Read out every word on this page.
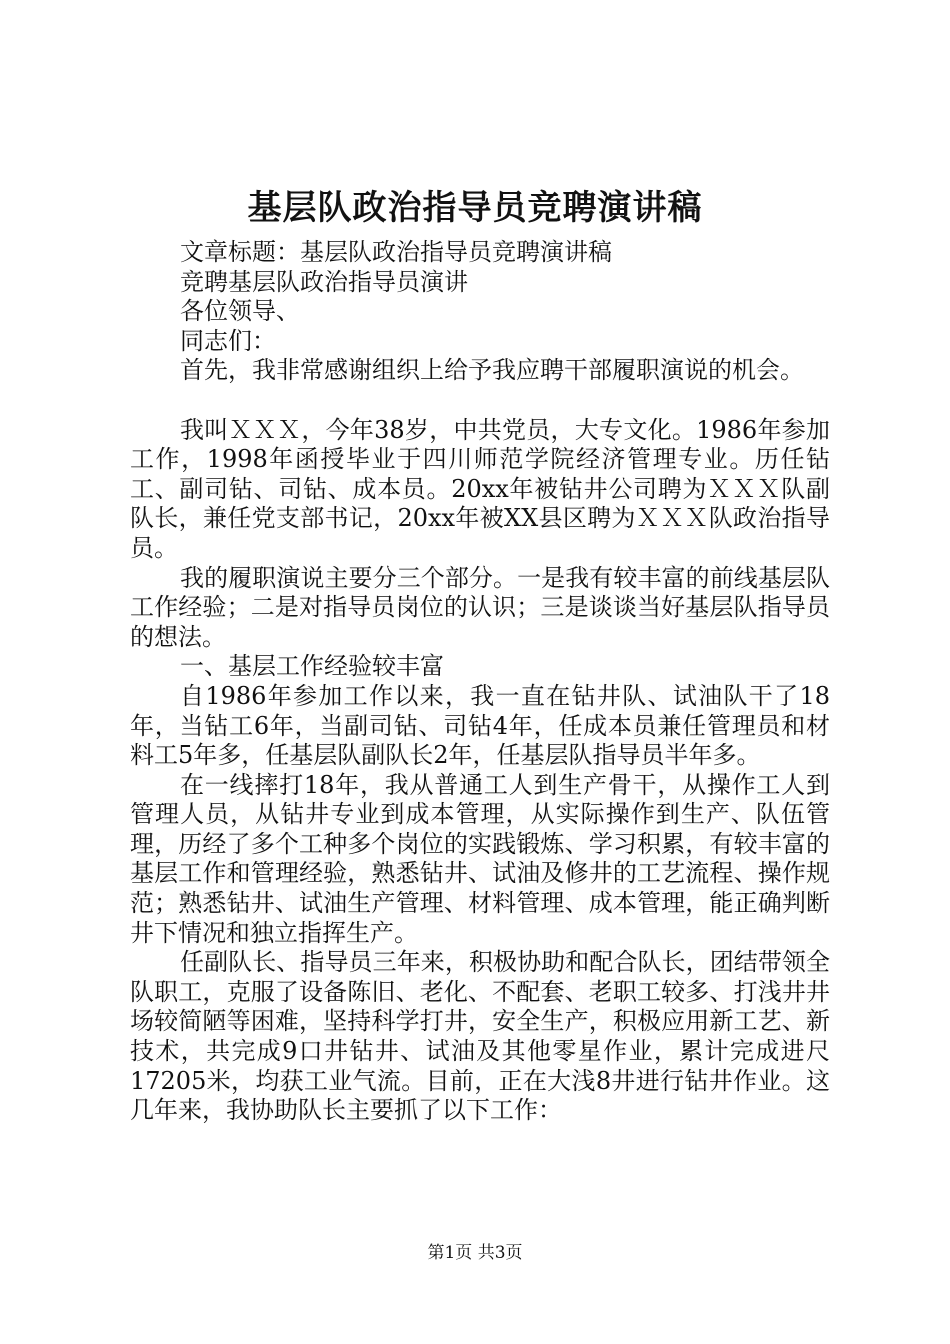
基层队政治指导员竞聘演讲稿

文章标题：基层队政治指导员竞聘演讲稿

竞聘基层队政治指导员演讲

各位领导、

同志们：

首先，我非常感谢组织上给予我应聘干部履职演说的机会。

我叫ＸＸＸ，今年38岁，中共党员，大专文化。1986年参加工作，1998年函授毕业于四川师范学院经济管理专业。历任钻工、副司钻、司钻、成本员。20xx年被钻井公司聘为ＸＸＸ队副队长，兼任党支部书记，20xx年被XX县区聘为ＸＸＸ队政治指导员。

我的履职演说主要分三个部分。一是我有较丰富的前线基层队工作经验；二是对指导员岗位的认识；三是谈谈当好基层队指导员的想法。

一、基层工作经验较丰富

自1986年参加工作以来，我一直在钻井队、试油队干了18年，当钻工6年，当副司钻、司钻4年，任成本员兼任管理员和材料工5年多，任基层队副队长2年，任基层队指导员半年多。

在一线摔打18年，我从普通工人到生产骨干，从操作工人到管理人员，从钻井专业到成本管理，从实际操作到生产、队伍管理，历经了多个工种多个岗位的实践锻炼、学习积累，有较丰富的基层工作和管理经验，熟悉钻井、试油及修井的工艺流程、操作规范；熟悉钻井、试油生产管理、材料管理、成本管理，能正确判断井下情况和独立指挥生产。

任副队长、指导员三年来，积极协助和配合队长，团结带领全队职工，克服了设备陈旧、老化、不配套、老职工较多、打浅井井场较简陋等困难，坚持科学打井，安全生产，积极应用新工艺、新技术，共完成9口井钻井、试油及其他零星作业，累计完成进尺17205米，均获工业气流。目前，正在大浅8井进行钻井作业。这几年来，我协助队长主要抓了以下工作：

第1页 共3页
